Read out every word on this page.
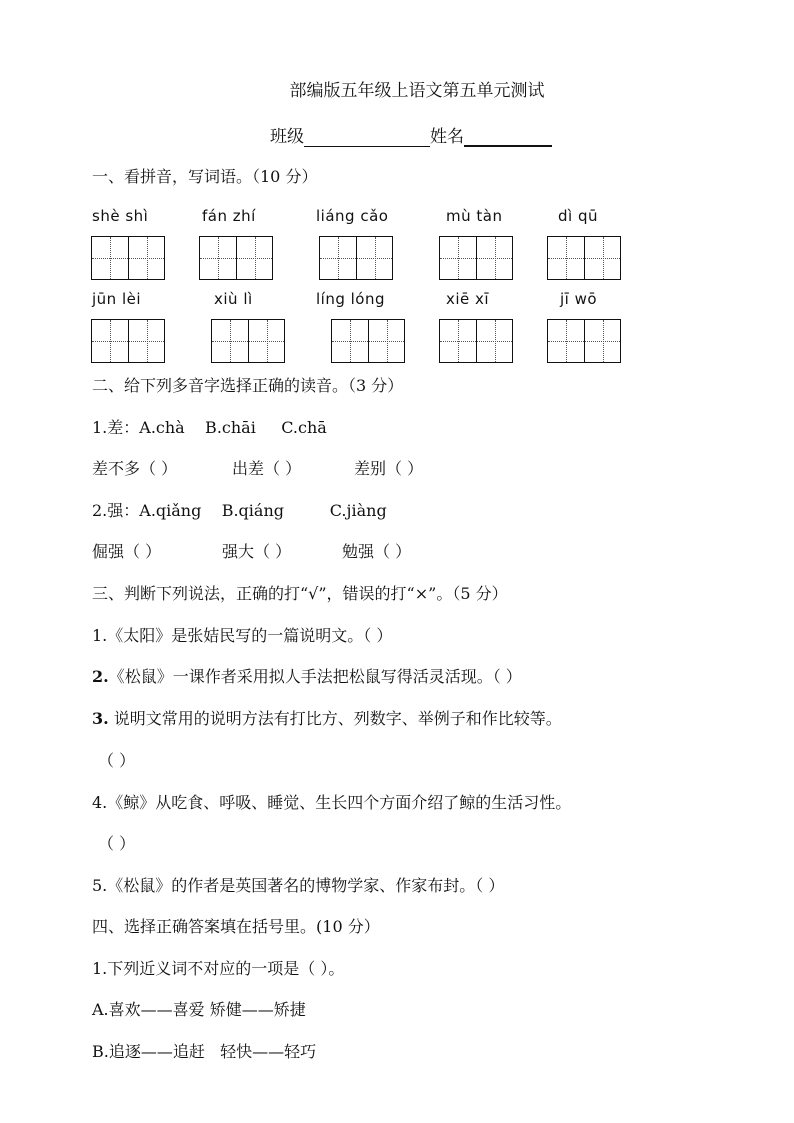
部编版五年级上语文第五单元测试
班级	姓名
一、看拼音，写词语。（10 分）
shè shì	fán zhí	liáng cǎo	mù tàn	dì qū
jūn lèi	xiù lì	líng lóng	xiē xī	jī wō
二、给下列多音字选择正确的读音。（3 分）
1.差：A.chà    B.chāi     C.chā
差不多（ ）	出差（ ）	差别（ ）
2.强：A.qiǎng    B.qiáng         C.jiàng
倔强（ ）	强大（ ）	勉强（ ）
三、判断下列说法，正确的打“√”，错误的打“×”。（5 分）
1.《太阳》是张姞民写的一篇说明文。（ ）
2.《松鼠》一课作者采用拟人手法把松鼠写得活灵活现。（ ）
3. 说明文常用的说明方法有打比方、列数字、举例子和作比较等。
（ ）
4.《鲸》从吃食、呼吸、睡觉、生长四个方面介绍了鲸的生活习性。
（ ）
5.《松鼠》的作者是英国著名的博物学家、作家布封。（ ）
四、选择正确答案填在括号里。(10 分）
1.下列近义词不对应的一项是（ ）。
A.喜欢——喜爱 矫健——矫捷
B.追逐——追赶   轻快——轻巧
